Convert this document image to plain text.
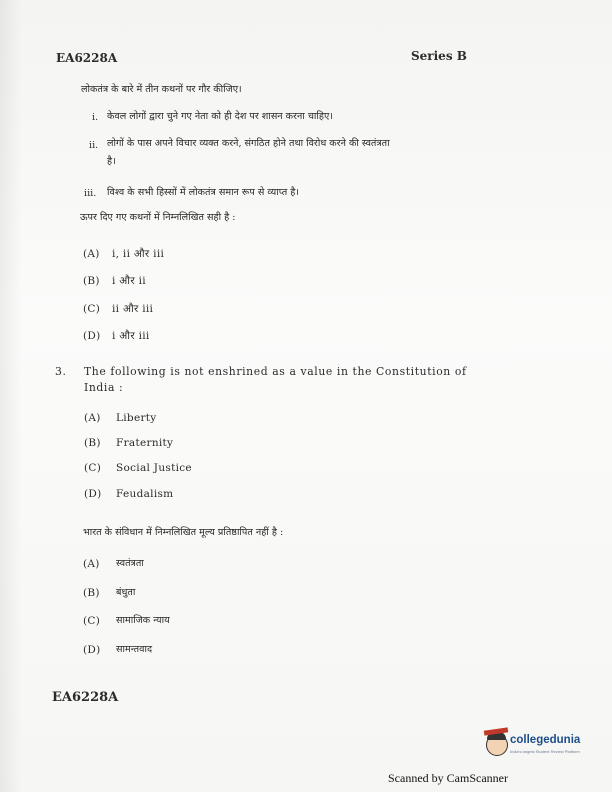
EA6228A	Series B
लोकतंत्र के बारे में तीन कथनों पर गौर कीजिए।
i. केवल लोगों द्वारा चुने गए नेता को ही देश पर शासन करना चाहिए।
ii. लोगों के पास अपने विचार व्यक्त करने, संगठित होने तथा विरोध करने की स्वतंत्रता
है।
iii. विश्व के सभी हिस्सों में लोकतंत्र समान रूप से व्याप्त है।
ऊपर दिए गए कथनों में निम्नलिखित सही है :
(A) i, ii और iii
(B) i और ii
(C) ii और iii
(D) i और iii
3. The following is not enshrined as a value in the Constitution of
India :
(A) Liberty
(B) Fraternity
(C) Social Justice
(D) Feudalism
भारत के संविधान में निम्नलिखित मूल्य प्रतिष्ठापित नहीं है :
(A) स्वतंत्रता
(B) बंधुता
(C) सामाजिक न्याय
(D) सामन्तवाद
EA6228A
collegedunia
India's largest Student Review Platform
Scanned by CamScanner
